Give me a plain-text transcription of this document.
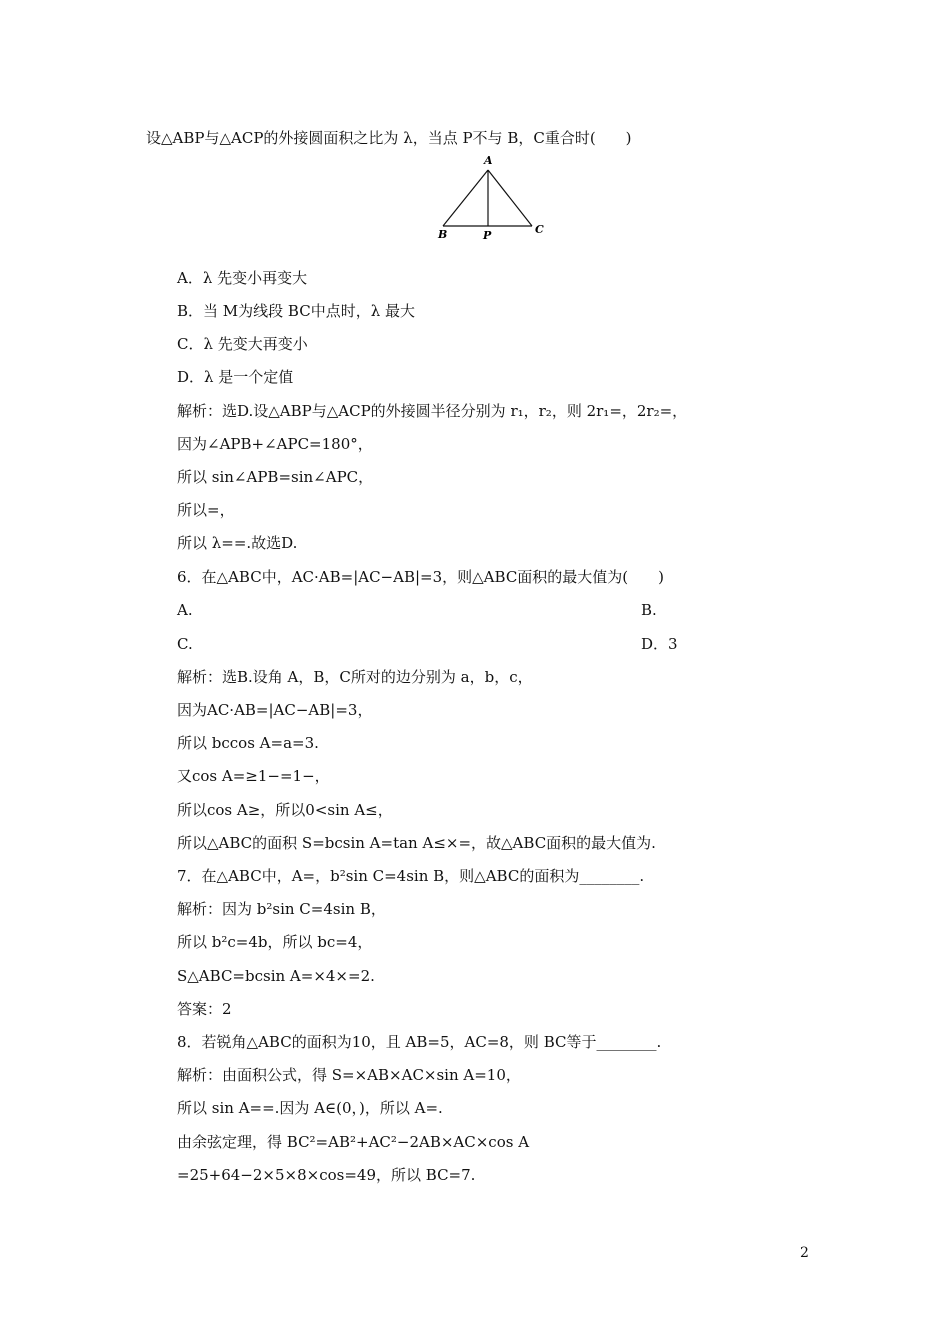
设△ABP与△ACP的外接圆面积之比为 λ，当点 P不与 B，C重合时(　　)
A
B	P	C
A．λ 先变小再变大
B．当 M为线段 BC中点时，λ 最大
C．λ 先变大再变小
D．λ 是一个定值
解析：选D.设△ABP与△ACP的外接圆半径分别为 r₁，r₂，则 2r₁=，2r₂=，
因为∠APB+∠APC=180°，
所以 sin∠APB=sin∠APC，
所以=，
所以 λ==.故选D.
6．在△ABC中，AC·AB=|AC−AB|=3，则△ABC面积的最大值为(　　)
A.	B.
C.	D．3
解析：选B.设角 A，B，C所对的边分别为 a，b，c，
因为AC·AB=|AC−AB|=3，
所以 bccos A=a=3.
又cos A=≥1−=1−，
所以cos A≥，所以0<sin A≤，
所以△ABC的面积 S=bcsin A=tan A≤×=，故△ABC面积的最大值为.
7．在△ABC中，A=，b²sin C=4sin B，则△ABC的面积为________.
解析：因为 b²sin C=4sin B，
所以 b²c=4b，所以 bc=4，
S△ABC=bcsin A=×4×=2.
答案：2
8．若锐角△ABC的面积为10，且 AB=5，AC=8，则 BC等于________.
解析：由面积公式，得 S=×AB×AC×sin A=10，
所以 sin A==.因为 A∈(0，)，所以 A=.
由余弦定理，得 BC²=AB²+AC²−2AB×AC×cos A
=25+64−2×5×8×cos=49，所以 BC=7.
2
